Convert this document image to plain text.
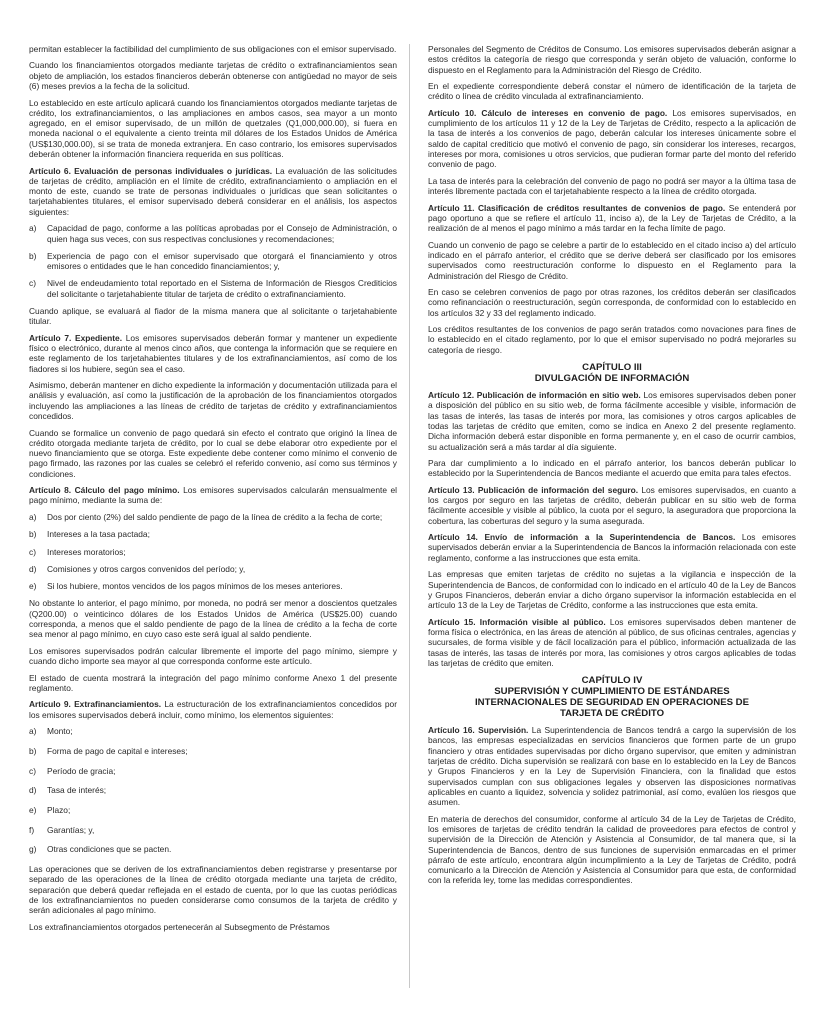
permitan establecer la factibilidad del cumplimiento de sus obligaciones con el emisor supervisado.

Cuando los financiamientos otorgados mediante tarjetas de crédito o extrafinanciamientos sean objeto de ampliación, los estados financieros deberán obtenerse con antigüedad no mayor de seis (6) meses previos a la fecha de la solicitud.

Lo establecido en este artículo aplicará cuando los financiamientos otorgados mediante tarjetas de crédito, los extrafinanciamientos, o las ampliaciones en ambos casos, sea mayor a un monto agregado, en el emisor supervisado, de un millón de quetzales (Q1,000,000.00), si fuera en moneda nacional o el equivalente a ciento treinta mil dólares de los Estados Unidos de América (US$130,000.00), si se trata de moneda extranjera. En caso contrario, los emisores supervisados deberán obtener la información financiera requerida en sus políticas.

Artículo 6. Evaluación de personas individuales o jurídicas. La evaluación de las solicitudes de tarjetas de crédito, ampliación en el límite de crédito, extrafinanciamiento o ampliación en el monto de este, cuando se trate de personas individuales o jurídicas que sean solicitantes o tarjetahabientes titulares, el emisor supervisado deberá considerar en el análisis, los aspectos siguientes:

a) Capacidad de pago, conforme a las políticas aprobadas por el Consejo de Administración, o quien haga sus veces, con sus respectivas conclusiones y recomendaciones;
b) Experiencia de pago con el emisor supervisado que otorgará el financiamiento y otros emisores o entidades que le han concedido financiamientos; y,
c) Nivel de endeudamiento total reportado en el Sistema de Información de Riesgos Crediticios del solicitante o tarjetahabiente titular de tarjeta de crédito o extrafinanciamiento.

Cuando aplique, se evaluará al fiador de la misma manera que al solicitante o tarjetahabiente titular.

Artículo 7. Expediente. Los emisores supervisados deberán formar y mantener un expediente físico o electrónico, durante al menos cinco años, que contenga la información que se requiere en este reglamento de los tarjetahabientes titulares y de los extrafinanciamientos, así como de los fiadores si los hubiere, según sea el caso.

Asimismo, deberán mantener en dicho expediente la información y documentación utilizada para el análisis y evaluación, así como la justificación de la aprobación de los financiamientos otorgados incluyendo las ampliaciones a las líneas de crédito de tarjetas de crédito y extrafinanciamientos concedidos.

Cuando se formalice un convenio de pago quedará sin efecto el contrato que originó la línea de crédito otorgada mediante tarjeta de crédito, por lo cual se debe elaborar otro expediente por el nuevo financiamiento que se otorga. Este expediente debe contener como mínimo el convenio de pago firmado, las razones por las cuales se celebró el referido convenio, así como sus términos y condiciones.

Artículo 8. Cálculo del pago mínimo. Los emisores supervisados calcularán mensualmente el pago mínimo, mediante la suma de:

a) Dos por ciento (2%) del saldo pendiente de pago de la línea de crédito a la fecha de corte;
b) Intereses a la tasa pactada;
c) Intereses moratorios;
d) Comisiones y otros cargos convenidos del período; y,
e) Si los hubiere, montos vencidos de los pagos mínimos de los meses anteriores.

No obstante lo anterior, el pago mínimo, por moneda, no podrá ser menor a doscientos quetzales (Q200.00) o veinticinco dólares de los Estados Unidos de América (US$25.00) cuando corresponda, a menos que el saldo pendiente de pago de la línea de crédito a la fecha de corte sea menor al pago mínimo, en cuyo caso este será igual al saldo pendiente.

Los emisores supervisados podrán calcular libremente el importe del pago mínimo, siempre y cuando dicho importe sea mayor al que corresponda conforme este artículo.

El estado de cuenta mostrará la integración del pago mínimo conforme Anexo 1 del presente reglamento.

Artículo 9. Extrafinanciamientos. La estructuración de los extrafinanciamientos concedidos por los emisores supervisados deberá incluir, como mínimo, los elementos siguientes:

a) Monto;
b) Forma de pago de capital e intereses;
c) Período de gracia;
d) Tasa de interés;
e) Plazo;
f) Garantías; y,
g) Otras condiciones que se pacten.

Las operaciones que se deriven de los extrafinanciamientos deben registrarse y presentarse por separado de las operaciones de la línea de crédito otorgada mediante una tarjeta de crédito, separación que deberá quedar reflejada en el estado de cuenta, por lo que las cuotas periódicas de los extrafinanciamientos no pueden considerarse como consumos de la tarjeta de crédito y serán adicionales al pago mínimo.

Los extrafinanciamientos otorgados pertenecerán al Subsegmento de Préstamos

Personales del Segmento de Créditos de Consumo. Los emisores supervisados deberán asignar a estos créditos la categoría de riesgo que corresponda y serán objeto de valuación, conforme lo dispuesto en el Reglamento para la Administración del Riesgo de Crédito.

En el expediente correspondiente deberá constar el número de identificación de la tarjeta de crédito o línea de crédito vinculada al extrafinanciamiento.

Artículo 10. Cálculo de intereses en convenio de pago. Los emisores supervisados, en cumplimiento de los artículos 11 y 12 de la Ley de Tarjetas de Crédito, respecto a la aplicación de la tasa de interés a los convenios de pago, deberán calcular los intereses únicamente sobre el saldo de capital crediticio que motivó el convenio de pago, sin considerar los intereses, recargos, intereses por mora, comisiones u otros servicios, que pudieran formar parte del monto del referido convenio de pago.

La tasa de interés para la celebración del convenio de pago no podrá ser mayor a la última tasa de interés libremente pactada con el tarjetahabiente respecto a la línea de crédito otorgada.

Artículo 11. Clasificación de créditos resultantes de convenios de pago. Se entenderá por pago oportuno a que se refiere el artículo 11, inciso a), de la Ley de Tarjetas de Crédito, a la realización de al menos el pago mínimo a más tardar en la fecha límite de pago.

Cuando un convenio de pago se celebre a partir de lo establecido en el citado inciso a) del artículo indicado en el párrafo anterior, el crédito que se derive deberá ser clasificado por los emisores supervisados como reestructuración conforme lo dispuesto en el Reglamento para la Administración del Riesgo de Crédito.

En caso se celebren convenios de pago por otras razones, los créditos deberán ser clasificados como refinanciación o reestructuración, según corresponda, de conformidad con lo establecido en los artículos 32 y 33 del reglamento indicado.

Los créditos resultantes de los convenios de pago serán tratados como novaciones para fines de lo establecido en el citado reglamento, por lo que el emisor supervisado no podrá mejorarles su categoría de riesgo.

CAPÍTULO III
DIVULGACIÓN DE INFORMACIÓN

Artículo 12. Publicación de información en sitio web. Los emisores supervisados deben poner a disposición del público en su sitio web, de forma fácilmente accesible y visible, información de las tasas de interés, las tasas de interés por mora, las comisiones y otros cargos aplicables de todas las tarjetas de crédito que emiten, como se indica en Anexo 2 del presente reglamento. Dicha información deberá estar disponible en forma permanente y, en el caso de ocurrir cambios, su actualización será a más tardar al día siguiente.

Para dar cumplimiento a lo indicado en el párrafo anterior, los bancos deberán publicar lo establecido por la Superintendencia de Bancos mediante el acuerdo que emita para tales efectos.

Artículo 13. Publicación de información del seguro. Los emisores supervisados, en cuanto a los cargos por seguro en las tarjetas de crédito, deberán publicar en su sitio web de forma fácilmente accesible y visible al público, la cuota por el seguro, la aseguradora que proporciona la cobertura, las coberturas del seguro y la suma asegurada.

Artículo 14. Envío de información a la Superintendencia de Bancos. Los emisores supervisados deberán enviar a la Superintendencia de Bancos la información relacionada con este reglamento, conforme a las instrucciones que esta emita.

Las empresas que emiten tarjetas de crédito no sujetas a la vigilancia e inspección de la Superintendencia de Bancos, de conformidad con lo indicado en el artículo 40 de la Ley de Bancos y Grupos Financieros, deberán enviar a dicho órgano supervisor la información establecida en el artículo 13 de la Ley de Tarjetas de Crédito, conforme a las instrucciones que esta emita.

Artículo 15. Información visible al público. Los emisores supervisados deben mantener de forma física o electrónica, en las áreas de atención al público, de sus oficinas centrales, agencias y sucursales, de forma visible y de fácil localización para el público, información actualizada de las tasas de interés, las tasas de interés por mora, las comisiones y otros cargos aplicables de todas las tarjetas de crédito que emiten.

CAPÍTULO IV
SUPERVISIÓN Y CUMPLIMIENTO DE ESTÁNDARES
INTERNACIONALES DE SEGURIDAD EN OPERACIONES DE
TARJETA DE CRÉDITO

Artículo 16. Supervisión. La Superintendencia de Bancos tendrá a cargo la supervisión de los bancos, las empresas especializadas en servicios financieros que formen parte de un grupo financiero y otras entidades supervisadas por dicho órgano supervisor, que emiten y administran tarjetas de crédito. Dicha supervisión se realizará con base en lo establecido en la Ley de Bancos y Grupos Financieros y en la Ley de Supervisión Financiera, con la finalidad que estos supervisados cumplan con sus obligaciones legales y observen las disposiciones normativas aplicables en cuanto a liquidez, solvencia y solidez patrimonial, así como, evalúen los riesgos que asumen.

En materia de derechos del consumidor, conforme al artículo 34 de la Ley de Tarjetas de Crédito, los emisores de tarjetas de crédito tendrán la calidad de proveedores para efectos de control y supervisión de la Dirección de Atención y Asistencia al Consumidor, de tal manera que, si la Superintendencia de Bancos, dentro de sus funciones de supervisión enmarcadas en el primer párrafo de este artículo, encontrara algún incumplimiento a la Ley de Tarjetas de Crédito, podrá comunicarlo a la Dirección de Atención y Asistencia al Consumidor para que esta, de conformidad con la referida ley, tome las medidas correspondientes.
